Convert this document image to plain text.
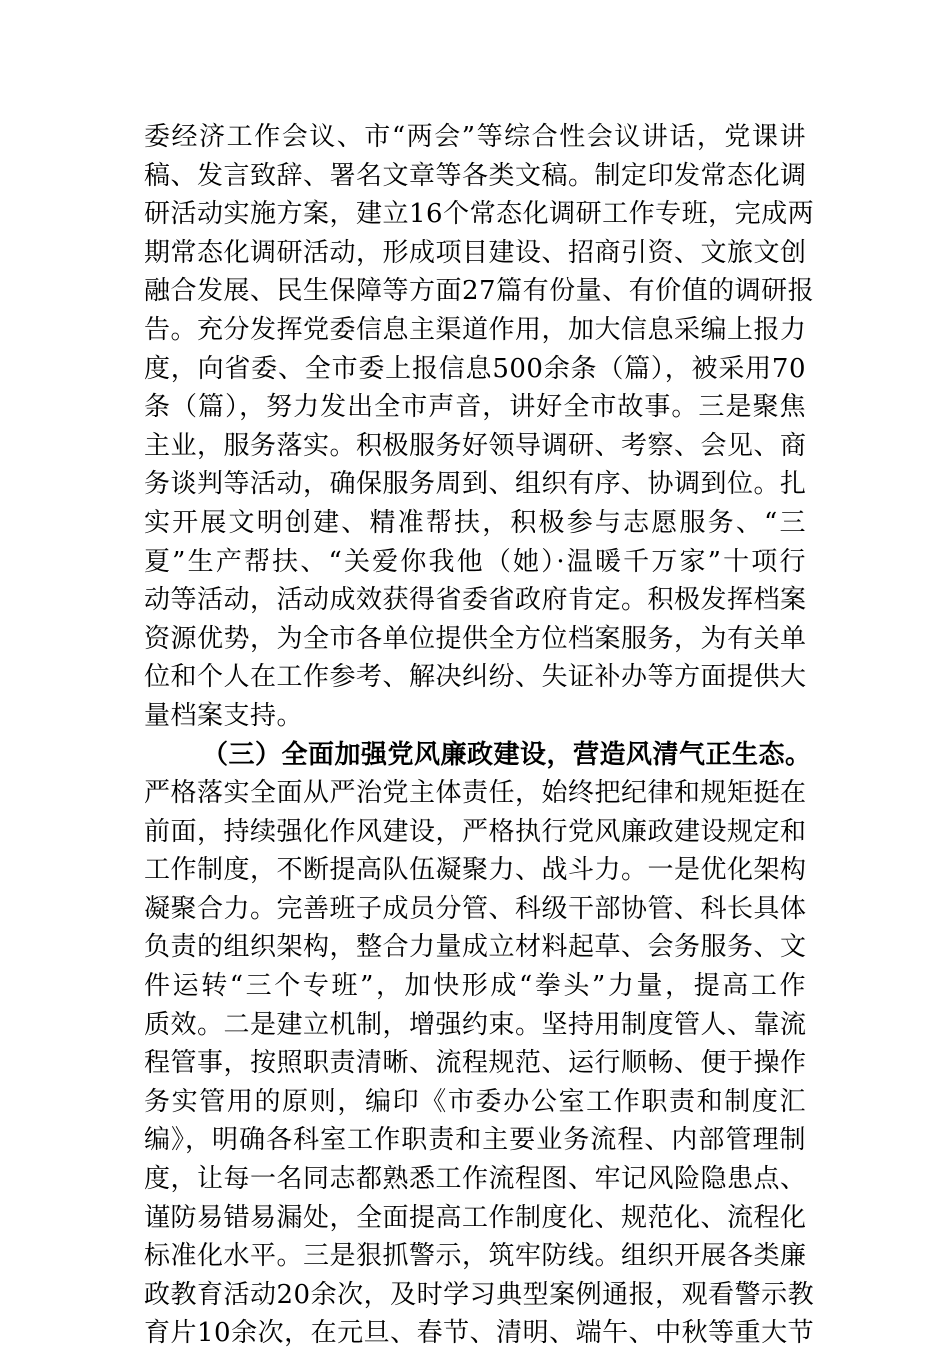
委经济工作会议、市“两会”等综合性会议讲话，党课讲
稿、发言致辞、署名文章等各类文稿。制定印发常态化调
研活动实施方案，建立16个常态化调研工作专班，完成两
期常态化调研活动，形成项目建设、招商引资、文旅文创
融合发展、民生保障等方面27篇有份量、有价值的调研报
告。充分发挥党委信息主渠道作用，加大信息采编上报力
度，向省委、全市委上报信息500余条（篇），被采用70
条（篇），努力发出全市声音，讲好全市故事。三是聚焦
主业，服务落实。积极服务好领导调研、考察、会见、商
务谈判等活动，确保服务周到、组织有序、协调到位。扎
实开展文明创建、精准帮扶，积极参与志愿服务、“三
夏”生产帮扶、“关爱你我他（她）·温暖千万家”十项行
动等活动，活动成效获得省委省政府肯定。积极发挥档案
资源优势，为全市各单位提供全方位档案服务，为有关单
位和个人在工作参考、解决纠纷、失证补办等方面提供大
量档案支持。
（三）全面加强党风廉政建设，营造风清气正生态。
严格落实全面从严治党主体责任，始终把纪律和规矩挺在
前面，持续强化作风建设，严格执行党风廉政建设规定和
工作制度，不断提高队伍凝聚力、战斗力。一是优化架构
凝聚合力。完善班子成员分管、科级干部协管、科长具体
负责的组织架构，整合力量成立材料起草、会务服务、文
件运转“三个专班”，加快形成“拳头”力量，提高工作
质效。二是建立机制，增强约束。坚持用制度管人、靠流
程管事，按照职责清晰、流程规范、运行顺畅、便于操作
务实管用的原则，编印《市委办公室工作职责和制度汇
编》，明确各科室工作职责和主要业务流程、内部管理制
度，让每一名同志都熟悉工作流程图、牢记风险隐患点、
谨防易错易漏处，全面提高工作制度化、规范化、流程化
标准化水平。三是狠抓警示，筑牢防线。组织开展各类廉
政教育活动20余次，及时学习典型案例通报，观看警示教
育片10余次，在元旦、春节、清明、端午、中秋等重大节
